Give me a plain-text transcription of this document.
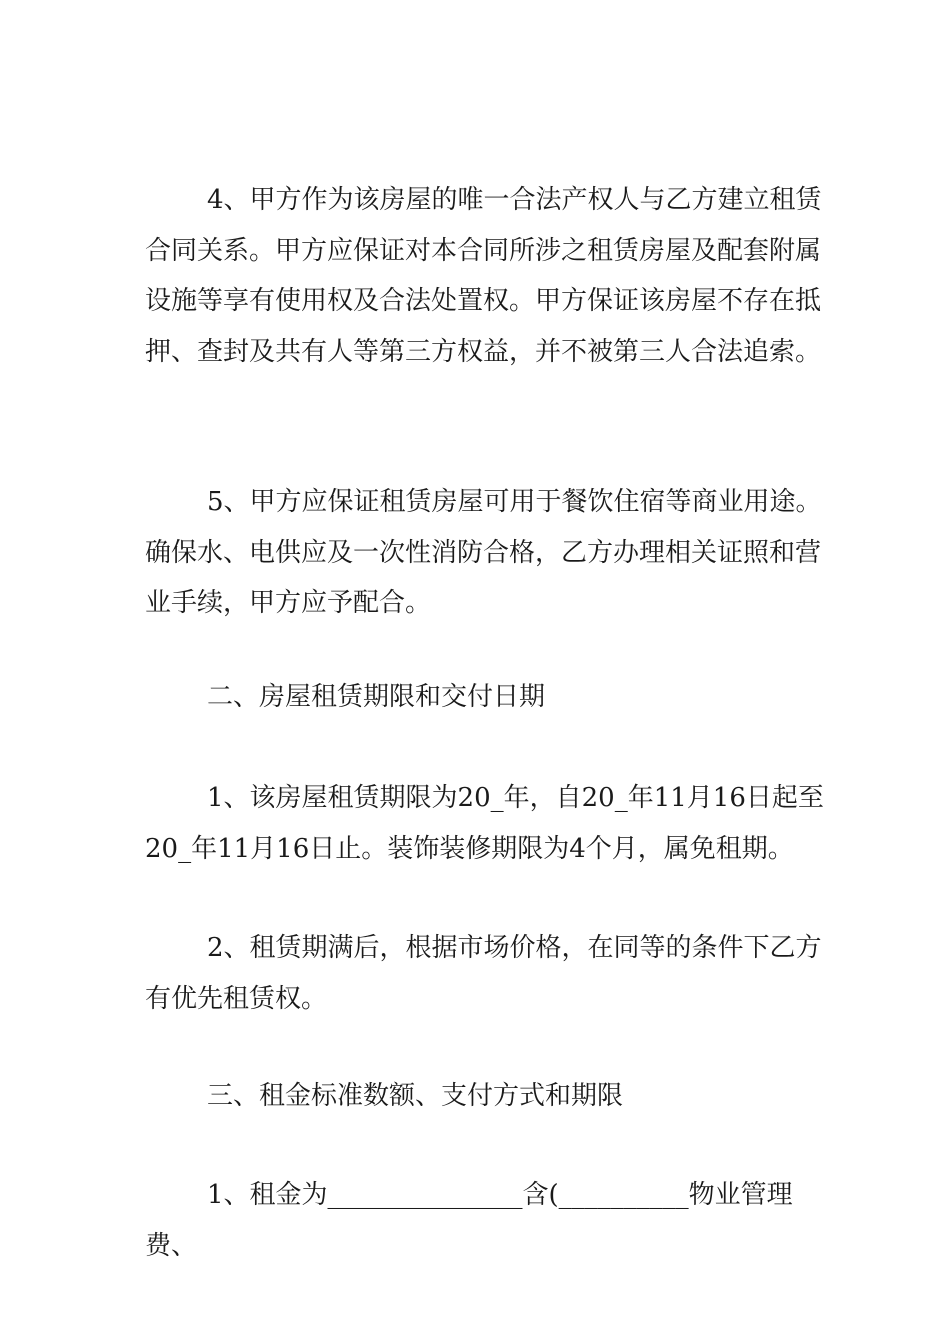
4、甲方作为该房屋的唯一合法产权人与乙方建立租赁合同关系。甲方应保证对本合同所涉之租赁房屋及配套附属设施等享有使用权及合法处置权。甲方保证该房屋不存在抵押、查封及共有人等第三方权益，并不被第三人合法追索。

5、甲方应保证租赁房屋可用于餐饮住宿等商业用途。确保水、电供应及一次性消防合格，乙方办理相关证照和营业手续，甲方应予配合。

二、房屋租赁期限和交付日期

1、该房屋租赁期限为20_年，自20_年11月16日起至20_年11月16日止。装饰装修期限为4个月，属免租期。

2、租赁期满后，根据市场价格，在同等的条件下乙方有优先租赁权。

三、租金标准数额、支付方式和期限

1、租金为_______________含(__________物业管理费、
